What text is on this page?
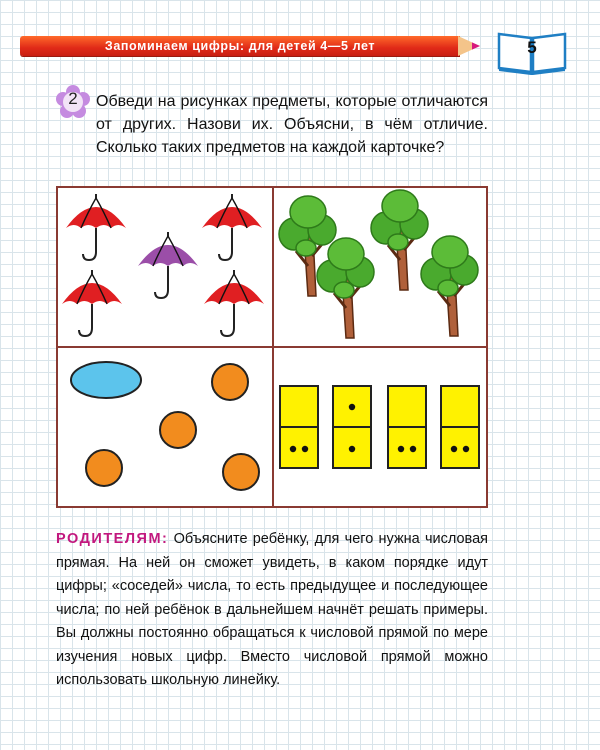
Запоминаем цифры: для детей 4—5 лет	5
2	Обведи на рисунках предметы, которые отличаются от других. Назови их. Объясни, в чём отличие. Сколько таких предметов на каждой карточке?

РОДИТЕЛЯМ: Объясните ребёнку, для чего нужна числовая прямая. На ней он сможет увидеть, в каком порядке идут цифры; «соседей» числа, то есть предыдущее и последующее числа; по ней ребёнок в дальнейшем начнёт решать примеры. Вы должны постоянно обращаться к числовой прямой по мере изучения новых цифр. Вместо числовой прямой можно использовать школьную линейку.
